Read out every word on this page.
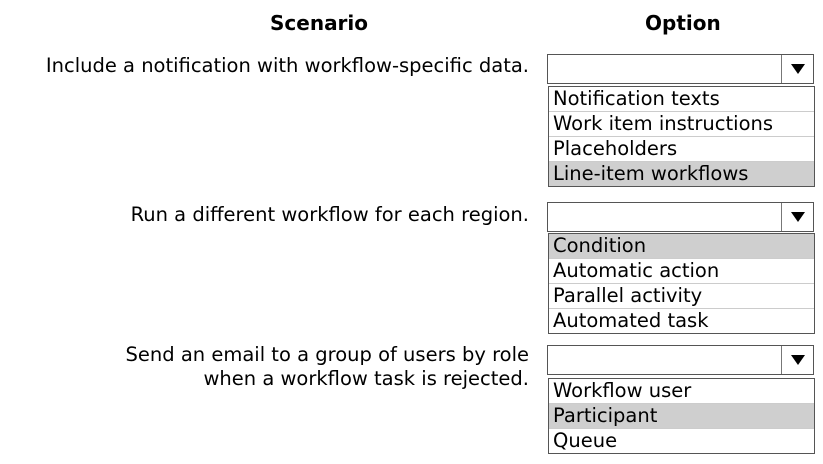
Scenario	Option
Include a notification with workflow-specific data.
Notification texts
Work item instructions
Placeholders
Line-item workflows
Run a different workflow for each region.
Condition
Automatic action
Parallel activity
Automated task
Send an email to a group of users by role
when a workflow task is rejected.
Workflow user
Participant
Queue
